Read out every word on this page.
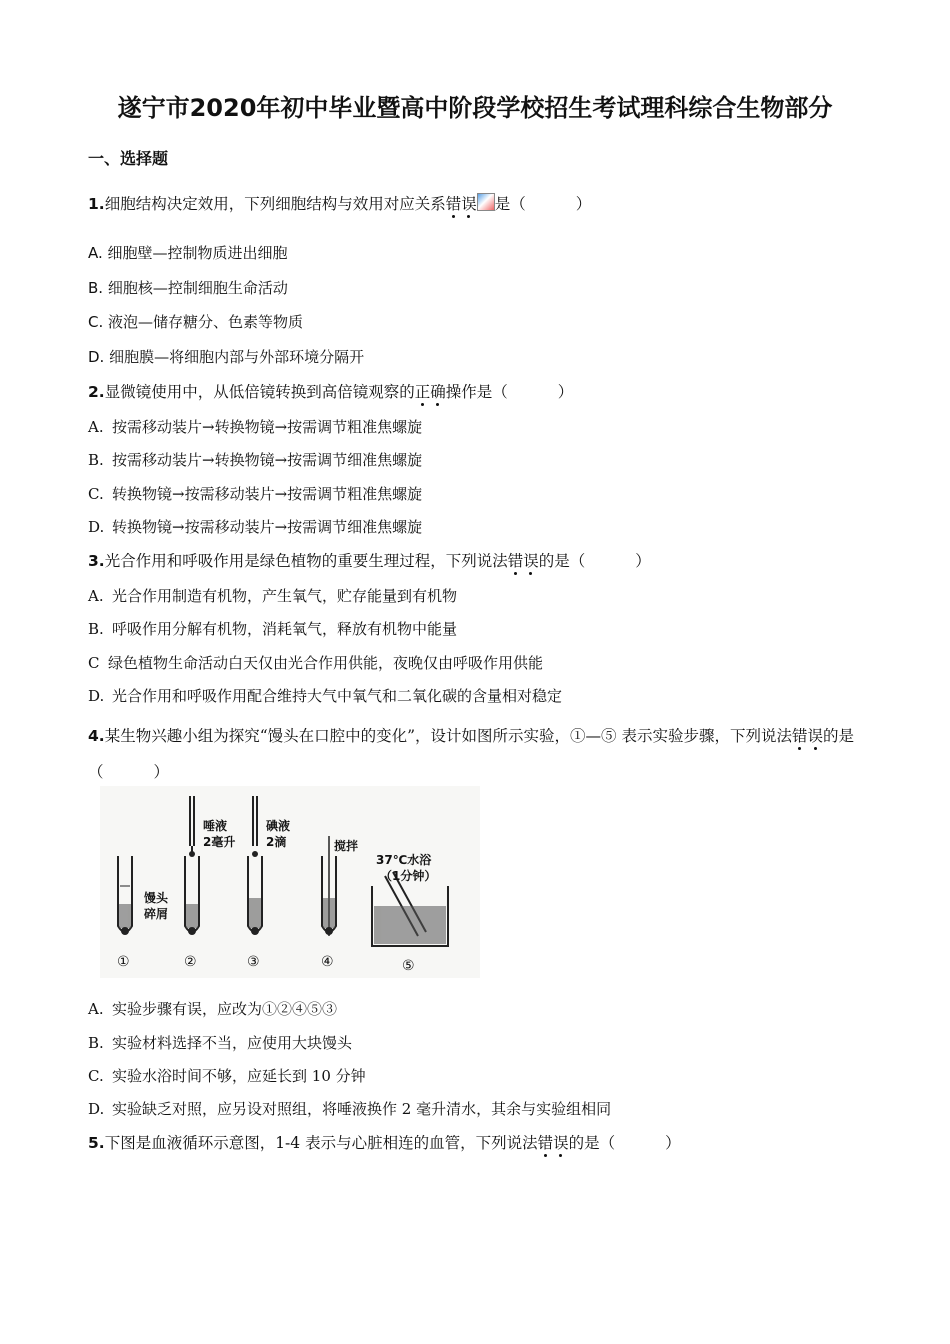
遂宁市2020年初中毕业暨高中阶段学校招生考试理科综合生物部分
一、选择题
1.细胞结构决定效用，下列细胞结构与效用对应关系错误 是（	）
A. 细胞壁—控制物质进出细胞
B. 细胞核—控制细胞生命活动
C. 液泡—储存糖分、色素等物质
D. 细胞膜—将细胞内部与外部环境分隔开
2.显微镜使用中，从低倍镜转换到高倍镜观察的正确操作是（	）
A. 按需移动装片→转换物镜→按需调节粗准焦螺旋
B. 按需移动装片→转换物镜→按需调节细准焦螺旋
C. 转换物镜→按需移动装片→按需调节粗准焦螺旋
D. 转换物镜→按需移动装片→按需调节细准焦螺旋
3.光合作用和呼吸作用是绿色植物的重要生理过程，下列说法错误的是（	）
A. 光合作用制造有机物，产生氧气，贮存能量到有机物
B. 呼吸作用分解有机物，消耗氧气，释放有机物中能量
C 绿色植物生命活动白天仅由光合作用供能，夜晚仅由呼吸作用供能
D. 光合作用和呼吸作用配合维持大气中氧气和二氧化碳的含量相对稳定
4.某生物兴趣小组为探究“馒头在口腔中的变化”，设计如图所示实验，①—⑤ 表示实验步骤，下列说法错误的是（	）
唾液
2毫升
碘液
2滴	搅拌
37℃水浴
（1分钟）
馒头
碎屑
①	②	③	④	⑤
A. 实验步骤有误，应改为①②④⑤③
B. 实验材料选择不当，应使用大块馒头
C. 实验水浴时间不够，应延长到 10 分钟
D. 实验缺乏对照，应另设对照组，将唾液换作 2 毫升清水，其余与实验组相同
5.下图是血液循环示意图，1-4 表示与心脏相连的血管，下列说法错误的是（	）
